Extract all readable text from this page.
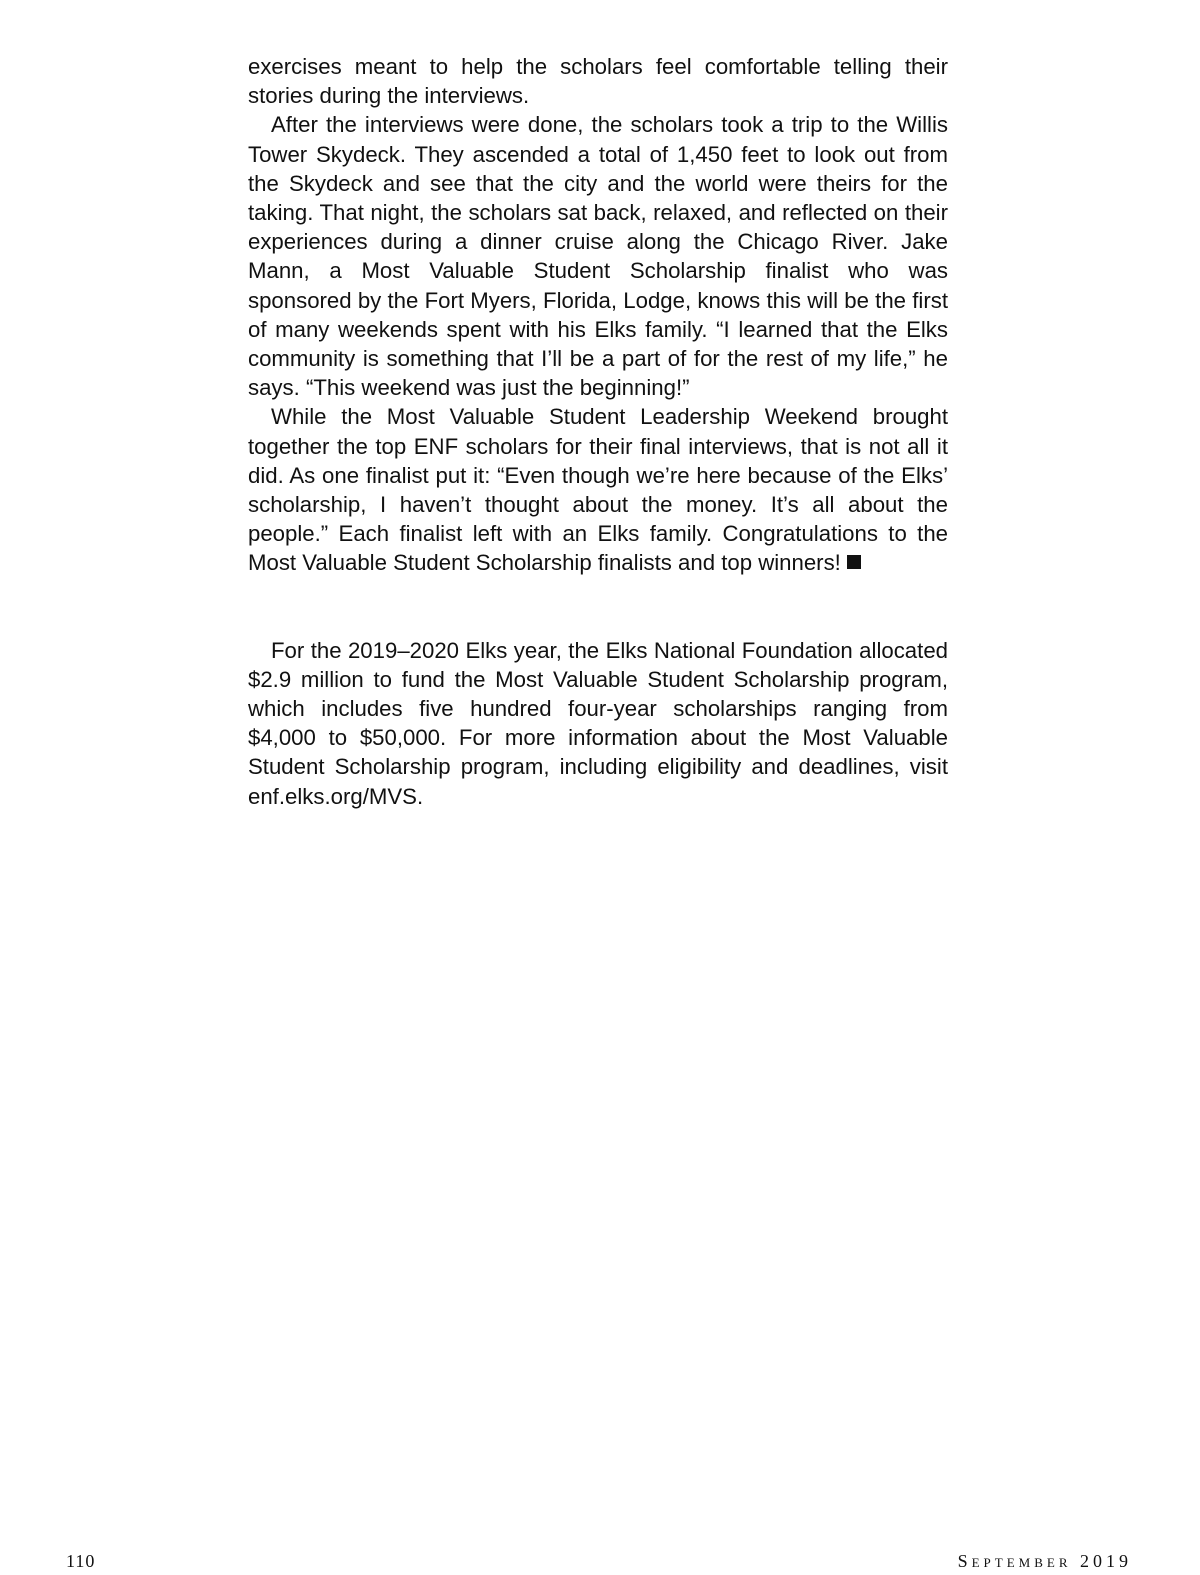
exercises meant to help the scholars feel comfortable telling their stories during the interviews.

After the interviews were done, the scholars took a trip to the Willis Tower Skydeck. They ascended a total of 1,450 feet to look out from the Skydeck and see that the city and the world were theirs for the taking. That night, the scholars sat back, relaxed, and reflected on their experiences during a dinner cruise along the Chicago River. Jake Mann, a Most Valuable Student Scholarship finalist who was sponsored by the Fort Myers, Florida, Lodge, knows this will be the first of many weekends spent with his Elks family. “I learned that the Elks community is something that I’ll be a part of for the rest of my life,” he says. “This weekend was just the beginning!”

While the Most Valuable Student Leadership Weekend brought together the top ENF scholars for their final interviews, that is not all it did. As one finalist put it: “Even though we’re here because of the Elks’ scholarship, I haven’t thought about the money. It’s all about the people.” Each finalist left with an Elks family. Congratulations to the Most Valuable Student Scholarship finalists and top winners!

For the 2019–2020 Elks year, the Elks National Foundation allocated $2.9 million to fund the Most Valuable Student Scholarship program, which includes five hundred four-year scholarships ranging from $4,000 to $50,000. For more information about the Most Valuable Student Scholarship program, including eligibility and deadlines, visit enf.elks.org/MVS.

110	September 2019
